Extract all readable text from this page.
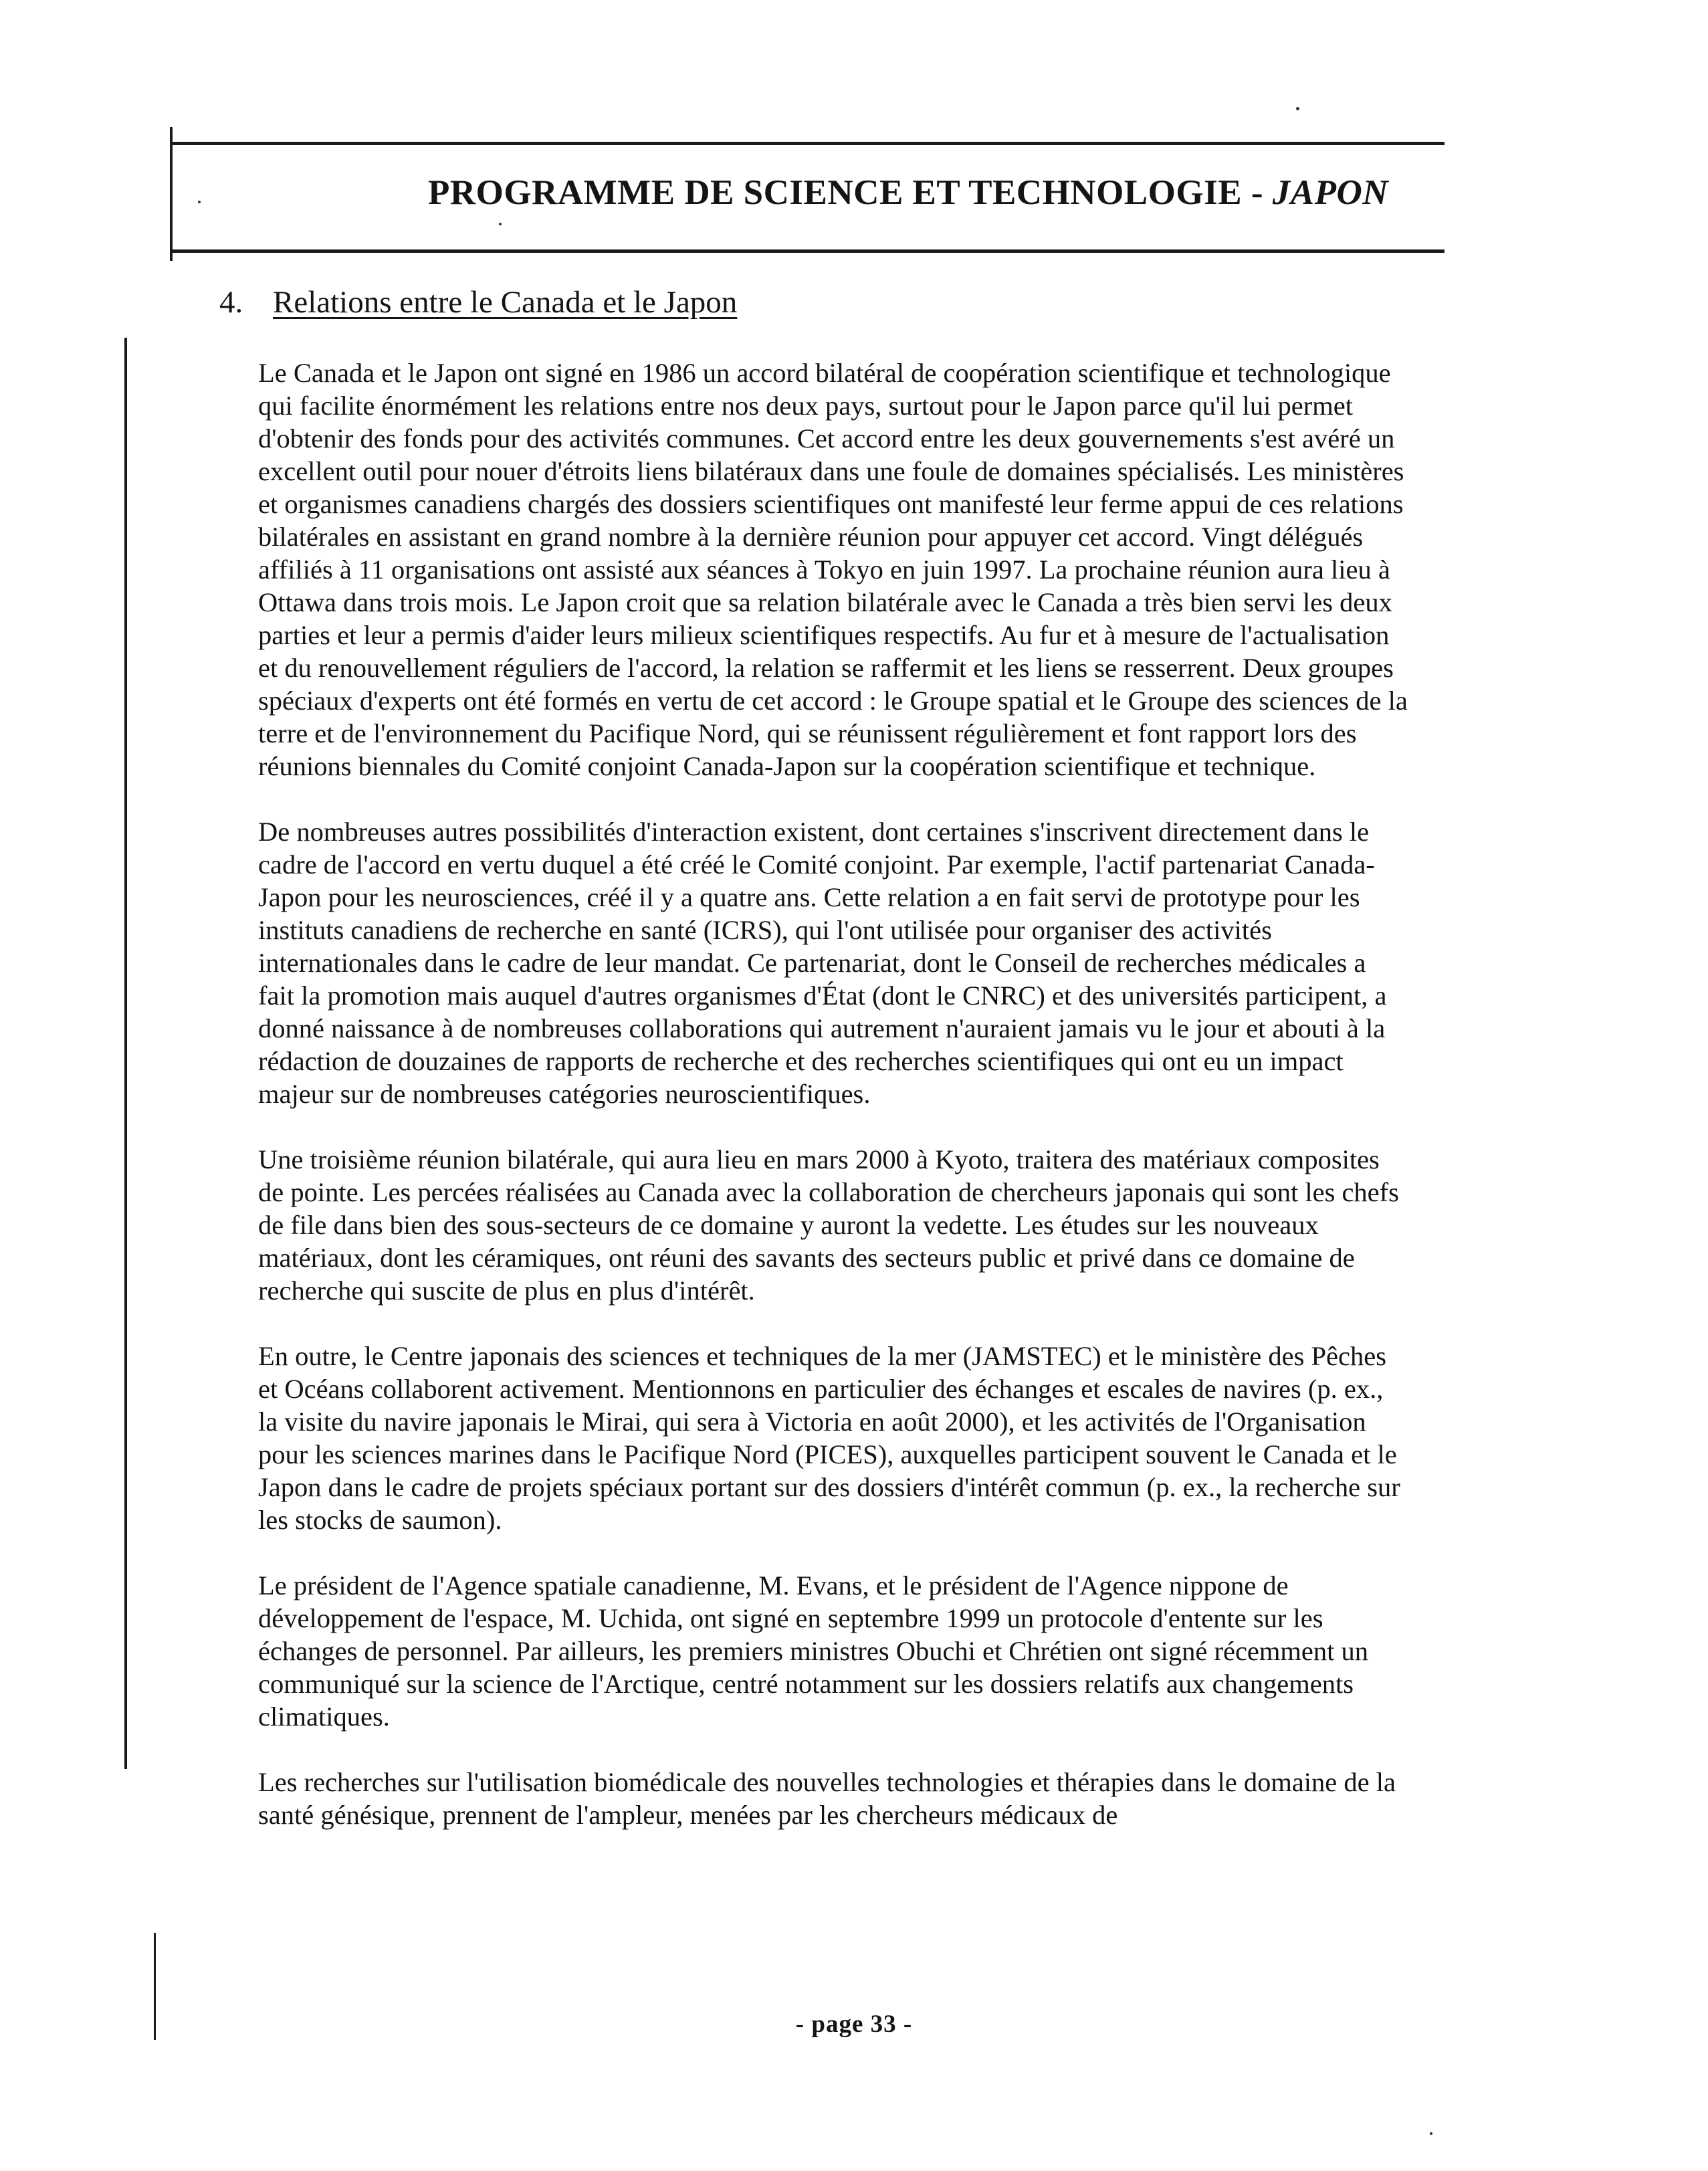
PROGRAMME DE SCIENCE ET TECHNOLOGIE - JAPON
4. Relations entre le Canada et le Japon

Le Canada et le Japon ont signé en 1986 un accord bilatéral de coopération scientifique et technologique qui facilite énormément les relations entre nos deux pays, surtout pour le Japon parce qu'il lui permet d'obtenir des fonds pour des activités communes. Cet accord entre les deux gouvernements s'est avéré un excellent outil pour nouer d'étroits liens bilatéraux dans une foule de domaines spécialisés. Les ministères et organismes canadiens chargés des dossiers scientifiques ont manifesté leur ferme appui de ces relations bilatérales en assistant en grand nombre à la dernière réunion pour appuyer cet accord. Vingt délégués affiliés à 11 organisations ont assisté aux séances à Tokyo en juin 1997. La prochaine réunion aura lieu à Ottawa dans trois mois. Le Japon croit que sa relation bilatérale avec le Canada a très bien servi les deux parties et leur a permis d'aider leurs milieux scientifiques respectifs. Au fur et à mesure de l'actualisation et du renouvellement réguliers de l'accord, la relation se raffermit et les liens se resserrent. Deux groupes spéciaux d'experts ont été formés en vertu de cet accord : le Groupe spatial et le Groupe des sciences de la terre et de l'environnement du Pacifique Nord, qui se réunissent régulièrement et font rapport lors des réunions biennales du Comité conjoint Canada-Japon sur la coopération scientifique et technique.

De nombreuses autres possibilités d'interaction existent, dont certaines s'inscrivent directement dans le cadre de l'accord en vertu duquel a été créé le Comité conjoint. Par exemple, l'actif partenariat Canada-Japon pour les neurosciences, créé il y a quatre ans. Cette relation a en fait servi de prototype pour les instituts canadiens de recherche en santé (ICRS), qui l'ont utilisée pour organiser des activités internationales dans le cadre de leur mandat. Ce partenariat, dont le Conseil de recherches médicales a fait la promotion mais auquel d'autres organismes d'État (dont le CNRC) et des universités participent, a donné naissance à de nombreuses collaborations qui autrement n'auraient jamais vu le jour et abouti à la rédaction de douzaines de rapports de recherche et des recherches scientifiques qui ont eu un impact majeur sur de nombreuses catégories neuroscientifiques.

Une troisième réunion bilatérale, qui aura lieu en mars 2000 à Kyoto, traitera des matériaux composites de pointe. Les percées réalisées au Canada avec la collaboration de chercheurs japonais qui sont les chefs de file dans bien des sous-secteurs de ce domaine y auront la vedette. Les études sur les nouveaux matériaux, dont les céramiques, ont réuni des savants des secteurs public et privé dans ce domaine de recherche qui suscite de plus en plus d'intérêt.

En outre, le Centre japonais des sciences et techniques de la mer (JAMSTEC) et le ministère des Pêches et Océans collaborent activement. Mentionnons en particulier des échanges et escales de navires (p. ex., la visite du navire japonais le Mirai, qui sera à Victoria en août 2000), et les activités de l'Organisation pour les sciences marines dans le Pacifique Nord (PICES), auxquelles participent souvent le Canada et le Japon dans le cadre de projets spéciaux portant sur des dossiers d'intérêt commun (p. ex., la recherche sur les stocks de saumon).

Le président de l'Agence spatiale canadienne, M. Evans, et le président de l'Agence nippone de développement de l'espace, M. Uchida, ont signé en septembre 1999 un protocole d'entente sur les échanges de personnel. Par ailleurs, les premiers ministres Obuchi et Chrétien ont signé récemment un communiqué sur la science de l'Arctique, centré notamment sur les dossiers relatifs aux changements climatiques.

Les recherches sur l'utilisation biomédicale des nouvelles technologies et thérapies dans le domaine de la santé génésique, prennent de l'ampleur, menées par les chercheurs médicaux de

- page 33 -
